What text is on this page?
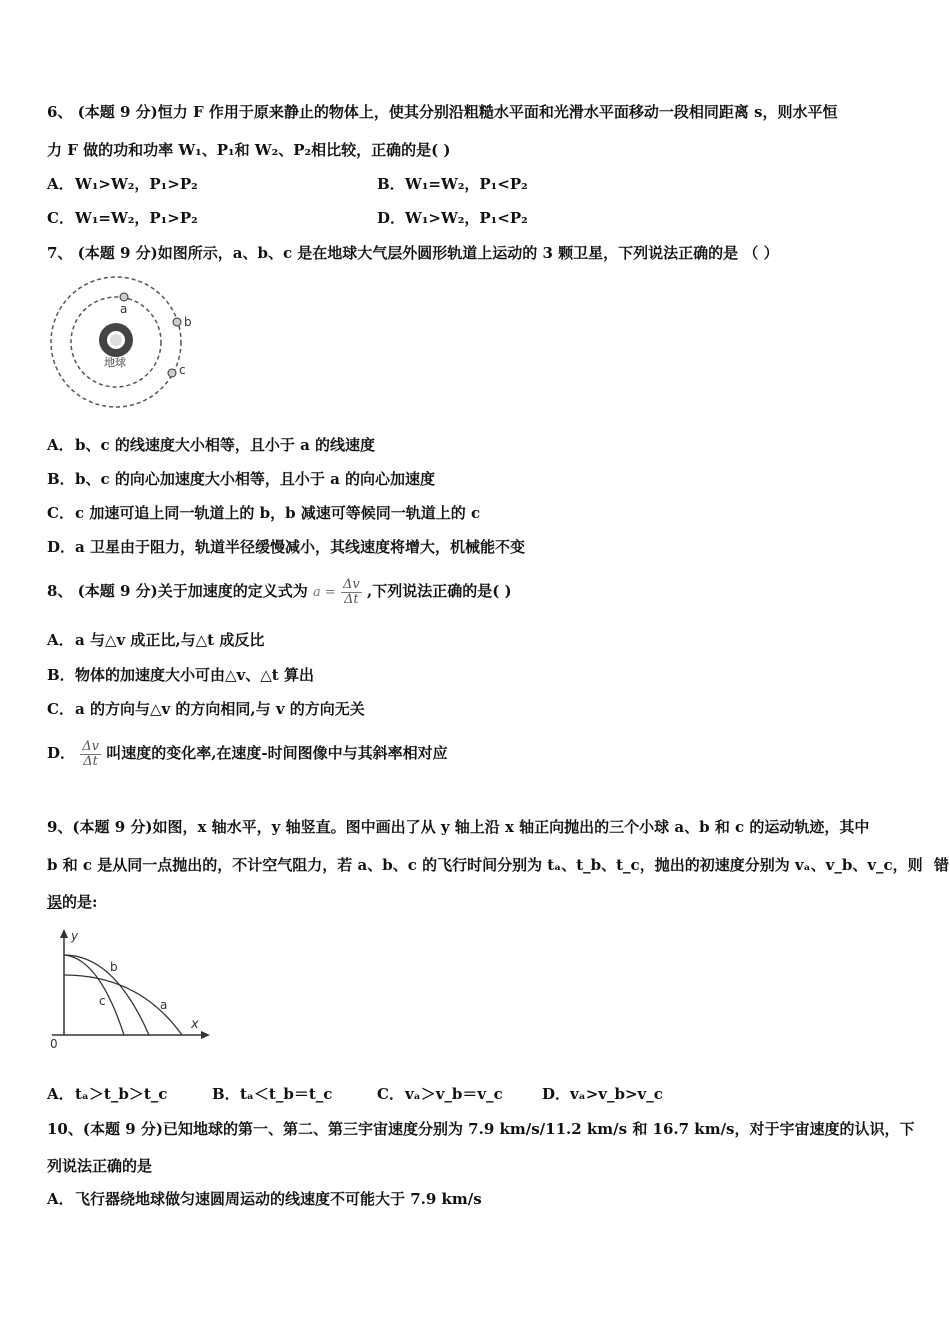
6、 (本题 9 分)恒力 F 作用于原来静止的物体上，使其分别沿粗糙水平面和光滑水平面移动一段相同距离 s，则水平恒
力 F 做的功和功率 W₁、P₁和 W₂、P₂相比较，正确的是( )
A．W₁>W₂，P₁>P₂	B．W₁=W₂，P₁<P₂
C．W₁=W₂，P₁>P₂	D．W₁>W₂，P₁<P₂
7、 (本题 9 分)如图所示，a、b、c 是在地球大气层外圆形轨道上运动的 3 颗卫星，下列说法正确的是 （ ）
地球
a
b
c
A．b、c 的线速度大小相等，且小于 a 的线速度
B．b、c 的向心加速度大小相等，且小于 a 的向心加速度
C．c 加速可追上同一轨道上的 b，b 减速可等候同一轨道上的 c
D．a 卫星由于阻力，轨道半径缓慢减小，其线速度将增大，机械能不变
8、 (本题 9 分)关于加速度的定义式为 $a = \frac{\Delta v}{\Delta t}$ ,下列说法正确的是( )
A．a 与△v 成正比,与△t 成反比
B．物体的加速度大小可由△v、△t 算出
C．a 的方向与△v 的方向相同,与 v 的方向无关
D． $\frac{\Delta v}{\Delta t}$ 叫速度的变化率,在速度-时间图像中与其斜率相对应
9、(本题 9 分)如图，x 轴水平，y 轴竖直。图中画出了从 y 轴上沿 x 轴正向抛出的三个小球 a、b 和 c 的运动轨迹，其中
b 和 c 是从同一点抛出的，不计空气阻力，若 a、b、c 的飞行时间分别为 tₐ、t_b、t_c，抛出的初速度分别为 vₐ、v_b、v_c，则 错
误的是:
y
x
0
a
b
c
A．tₐ＞t_b＞t_c	B．tₐ＜t_b＝t_c	C．vₐ＞v_b＝v_c	D．vₐ>v_b>v_c
10、(本题 9 分)已知地球的第一、第二、第三宇宙速度分别为 7.9 km/s/11.2 km/s 和 16.7 km/s，对于宇宙速度的认识，下
列说法正确的是
A．飞行器绕地球做匀速圆周运动的线速度不可能大于 7.9 km/s
